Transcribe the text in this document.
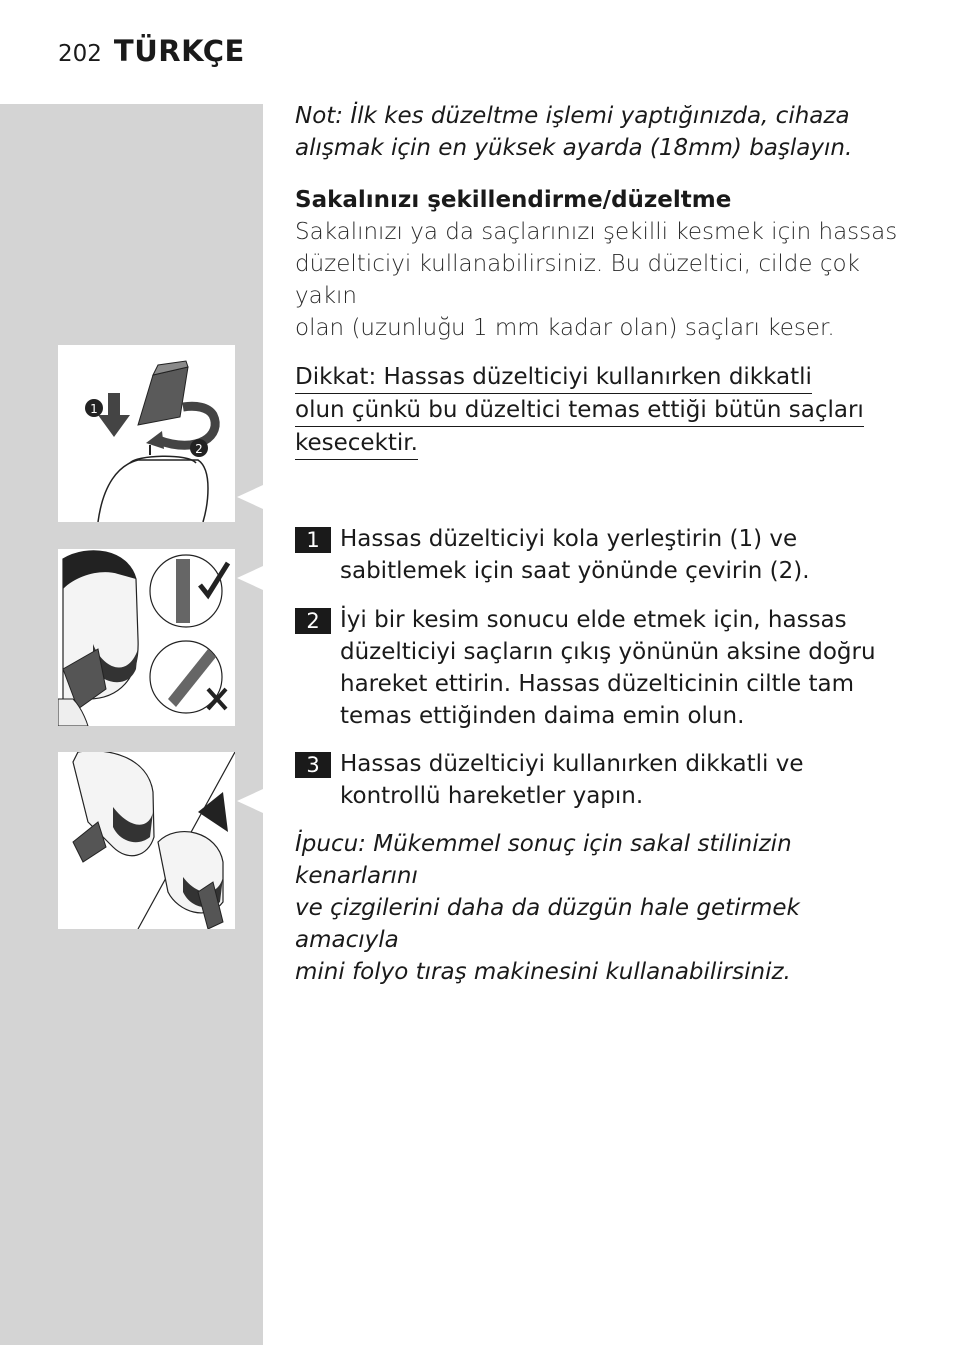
202 TÜRKÇE
1
2

Not: İlk kes düzeltme işlemi yaptığınızda, cihaza
alışmak için en yüksek ayarda (18mm) başlayın.

Sakalınızı şekillendirme/düzeltme

Sakalınızı ya da saçlarınızı şekilli kesmek için hassas
düzelticiyi kullanabilirsiniz. Bu düzeltici, cilde çok yakın
olan (uzunluğu 1 mm kadar olan) saçları keser.

Dikkat: Hassas düzelticiyi kullanırken dikkatli
olun çünkü bu düzeltici temas ettiği bütün saçları
kesecektir.

1 Hassas düzelticiyi kola yerleştirin (1) ve
sabitlemek için saat yönünde çevirin (2).
2 İyi bir kesim sonucu elde etmek için, hassas
düzelticiyi saçların çıkış yönünün aksine doğru
hareket ettirin. Hassas düzelticinin ciltle tam
temas ettiğinden daima emin olun.
3 Hassas düzelticiyi kullanırken dikkatli ve
kontrollü hareketler yapın.

İpucu: Mükemmel sonuç için sakal stilinizin kenarlarını
ve çizgilerini daha da düzgün hale getirmek amacıyla
mini folyo tıraş makinesini kullanabilirsiniz.
